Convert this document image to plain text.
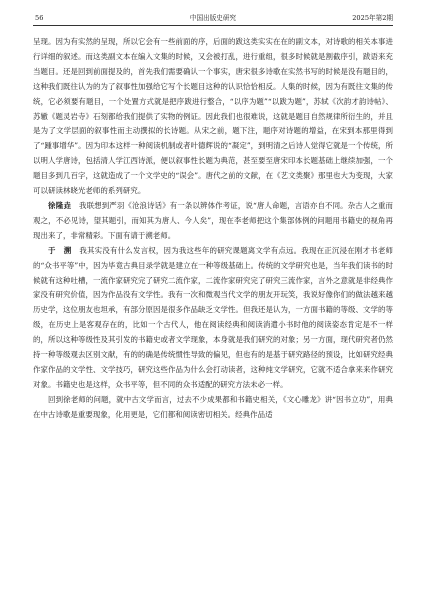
56	中国出版史研究	2025年第2期

呈现。因为有实然的呈现，所以它会有一些前面的序，后面的跋这类实实在在的副文本，对诗歌的相关本事进行详细的叙述。而这类副文本在编入文集的时候，又会被打乱，进行重组，很多时候就是割截序引，跋语来充当题目。还是回到前面提及的，首先我们需要确认一个事实，唐宋很多诗歌在实然书写的时候是没有题目的，这种我们既往认为的为了叙事性加强给它写个长题目这种的认识恰恰相反。人集的时候，因为有既往文集的传统，它必须要有题目，一个处置方式就是把序跋进行整合，“以序为题”“以跋为题”，苏轼《次韵才韵诗帖》、苏辙《题灵岩寺》石刻都给我们提供了实物的例证。因此我们也很难说，这就是题目自然规律所衍生的，并且是为了文学层面的叙事性而主动撰拟的长诗题。从宋之前，题下注，题序对诗题的增益，在宋到本那里得到了“踵事增华”。因为印本这样一种阅读机制或者叶德辉说的“凝定”，到明清之后诗人觉得它就是一个传统，所以明人学唐诗，包括清人学江西诗派，便以叙事性长题为典范，甚至要至唐宋印本长题基础上继续加强，一个题目多到几百字，这就造成了一个文学史的“误会”。唐代之前的文献，在《艺文类聚》那里也大为变现，大家可以研读林晓光老师的系列研究。

徐隆垚　 我联想到严羽《沧浪诗话》有一条以辨体作考证，说“唐人命题，言语亦自不同。杂古人之重而观之，不必见诗，望其题引，而知其为唐人、今人矣”，现在李老师把这个集部体例的问题用书籍史的视角再现出来了，非常精彩。下面有请于溯老师。

于　溯　 我其实没有什么发言权，因为我这些年的研究课题离文学有点远。我现在正沉浸在刚才书老师的“众书平等”中，因为毕竟古典目录学就是建立在一种等级基础上。传统的文学研究也是，当年我们读书的时候就有这种吐槽，一流作家研究完了研究二流作家，二流作家研究完了研究三流作家，言外之意就是非经典作家没有研究价值，因为作品没有文学性。我有一次和微观当代文学的朋友开玩笑，我说好像你们的做法越来越历史学，这位朋友也坦承，有部分原因是很多作品缺乏文学性。但我还是认为，一方面书籍的等级、文学的等级，在历史上是客观存在的，比如一个古代人，他在阅读经典和阅读消遣小书时他的阅读姿态肯定是不一样的，所以这种等级性及其引发的书籍史或者文学现象，本身就是我们研究的对象；另一方面，现代研究者仍然持一种等级观去区别文献，有的的确是传统惯性导致的偏见，但也有的是基于研究路径的预设，比如研究经典作家作品的文学性、文学技巧，研究这些作品为什么会打动读者，这种纯文学研究，它就不适合拿来来作研究对象。书籍史也是这样，众书平等，但不同的众书适配的研究方法未必一样。

回到徐老师的问题，就中古文学而言，过去不少成果都和书籍史相关，《文心雕龙》讲“因书立功”，用典在中古诗歌是重要现象，化用更是，它们都和阅读密切相关。经典作品适
